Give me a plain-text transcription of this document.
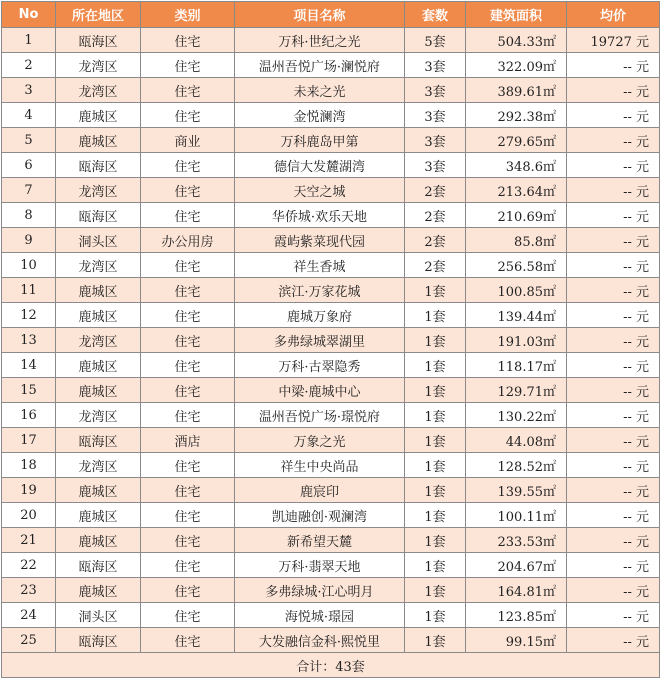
No	所在地区	类别	项目名称	套数	建筑面积	均价
1	瓯海区	住宅	万科·世纪之光	5套	504.33㎡	19727 元
2	龙湾区	住宅	温州吾悦广场·澜悦府	3套	322.09㎡	-- 元
3	龙湾区	住宅	未来之光	3套	389.61㎡	-- 元
4	鹿城区	住宅	金悦澜湾	3套	292.38㎡	-- 元
5	鹿城区	商业	万科鹿岛甲第	3套	279.65㎡	-- 元
6	瓯海区	住宅	德信大发麓湖湾	3套	348.6㎡	-- 元
7	龙湾区	住宅	天空之城	2套	213.64㎡	-- 元
8	瓯海区	住宅	华侨城·欢乐天地	2套	210.69㎡	-- 元
9	洞头区	办公用房	霞屿紫菜现代园	2套	85.8㎡	-- 元
10	龙湾区	住宅	祥生香城	2套	256.58㎡	-- 元
11	鹿城区	住宅	滨江·万家花城	1套	100.85㎡	-- 元
12	鹿城区	住宅	鹿城万象府	1套	139.44㎡	-- 元
13	龙湾区	住宅	多弗绿城翠湖里	1套	191.03㎡	-- 元
14	鹿城区	住宅	万科·古翠隐秀	1套	118.17㎡	-- 元
15	鹿城区	住宅	中梁·鹿城中心	1套	129.71㎡	-- 元
16	龙湾区	住宅	温州吾悦广场·璟悦府	1套	130.22㎡	-- 元
17	瓯海区	酒店	万象之光	1套	44.08㎡	-- 元
18	龙湾区	住宅	祥生中央尚品	1套	128.52㎡	-- 元
19	鹿城区	住宅	鹿宸印	1套	139.55㎡	-- 元
20	鹿城区	住宅	凯迪融创·观澜湾	1套	100.11㎡	-- 元
21	鹿城区	住宅	新希望天麓	1套	233.53㎡	-- 元
22	瓯海区	住宅	万科·翡翠天地	1套	204.67㎡	-- 元
23	鹿城区	住宅	多弗绿城·江心明月	1套	164.81㎡	-- 元
24	洞头区	住宅	海悦城·璟园	1套	123.85㎡	-- 元
25	瓯海区	住宅	大发融信金科·熙悦里	1套	99.15㎡	-- 元
合计：43套						
